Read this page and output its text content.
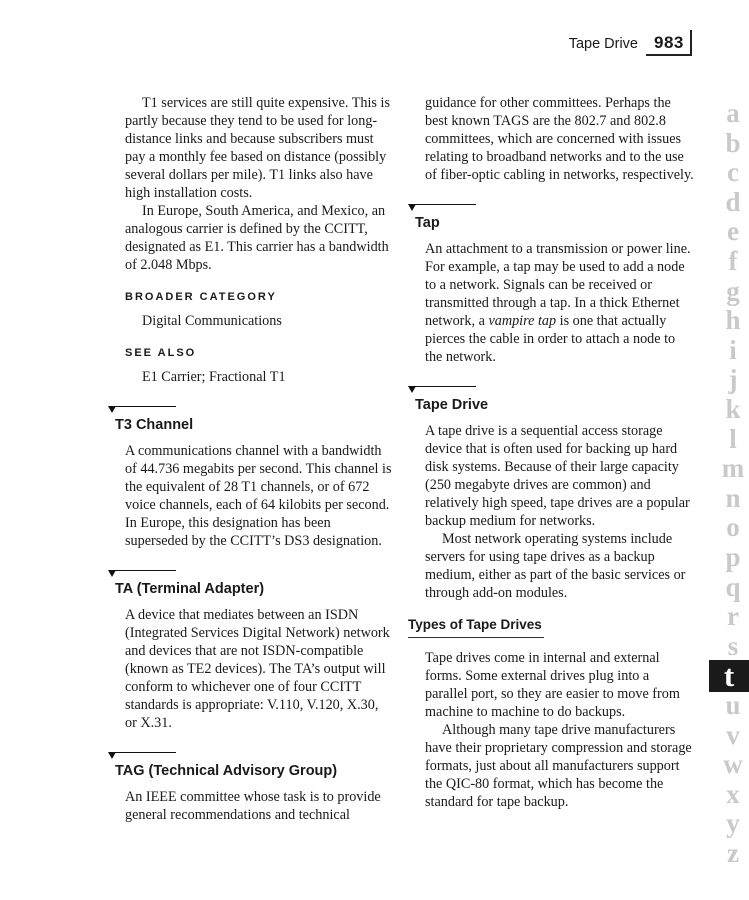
Tape Drive 983

T1 services are still quite expensive. This is partly because they tend to be used for long-distance links and because subscribers must pay a monthly fee based on distance (possibly several dollars per mile). T1 links also have high installation costs.

In Europe, South America, and Mexico, an analogous carrier is defined by the CCITT, designated as E1. This carrier has a bandwidth of 2.048 Mbps.

BROADER CATEGORY
Digital Communications
SEE ALSO
E1 Carrier; Fractional T1
T3 Channel

A communications channel with a bandwidth of 44.736 megabits per second. This channel is the equivalent of 28 T1 channels, or of 672 voice channels, each of 64 kilobits per second. In Europe, this designation has been superseded by the CCITT’s DS3 designation.

TA (Terminal Adapter)

A device that mediates between an ISDN (Integrated Services Digital Network) network and devices that are not ISDN-compatible (known as TE2 devices). The TA’s output will conform to whichever one of four CCITT standards is appropriate: V.110, V.120, X.30, or X.31.

TAG (Technical Advisory Group)

An IEEE committee whose task is to provide general recommendations and technical

guidance for other committees. Perhaps the best known TAGS are the 802.7 and 802.8 committees, which are concerned with issues relating to broadband networks and to the use of fiber-optic cabling in networks, respectively.

Tap

An attachment to a transmission or power line. For example, a tap may be used to add a node to a network. Signals can be received or transmitted through a tap. In a thick Ethernet network, a vampire tap is one that actually pierces the cable in order to attach a node to the network.

Tape Drive

A tape drive is a sequential access storage device that is often used for backing up hard disk systems. Because of their large capacity (250 megabyte drives are common) and relatively high speed, tape drives are a popular backup medium for networks.

Most network operating systems include servers for using tape drives as a backup medium, either as part of the basic services or through add-on modules.

Types of Tape Drives

Tape drives come in internal and external forms. Some external drives plug into a parallel port, so they are easier to move from machine to machine to do backups.

Although many tape drive manufacturers have their proprietary compression and storage formats, just about all manufacturers support the QIC-80 format, which has become the standard for tape backup.

a
b
c
d
e
f
g
h
i
j
k
l
m
n
o
p
q
r
s
t
u
v
w
x
y
z
